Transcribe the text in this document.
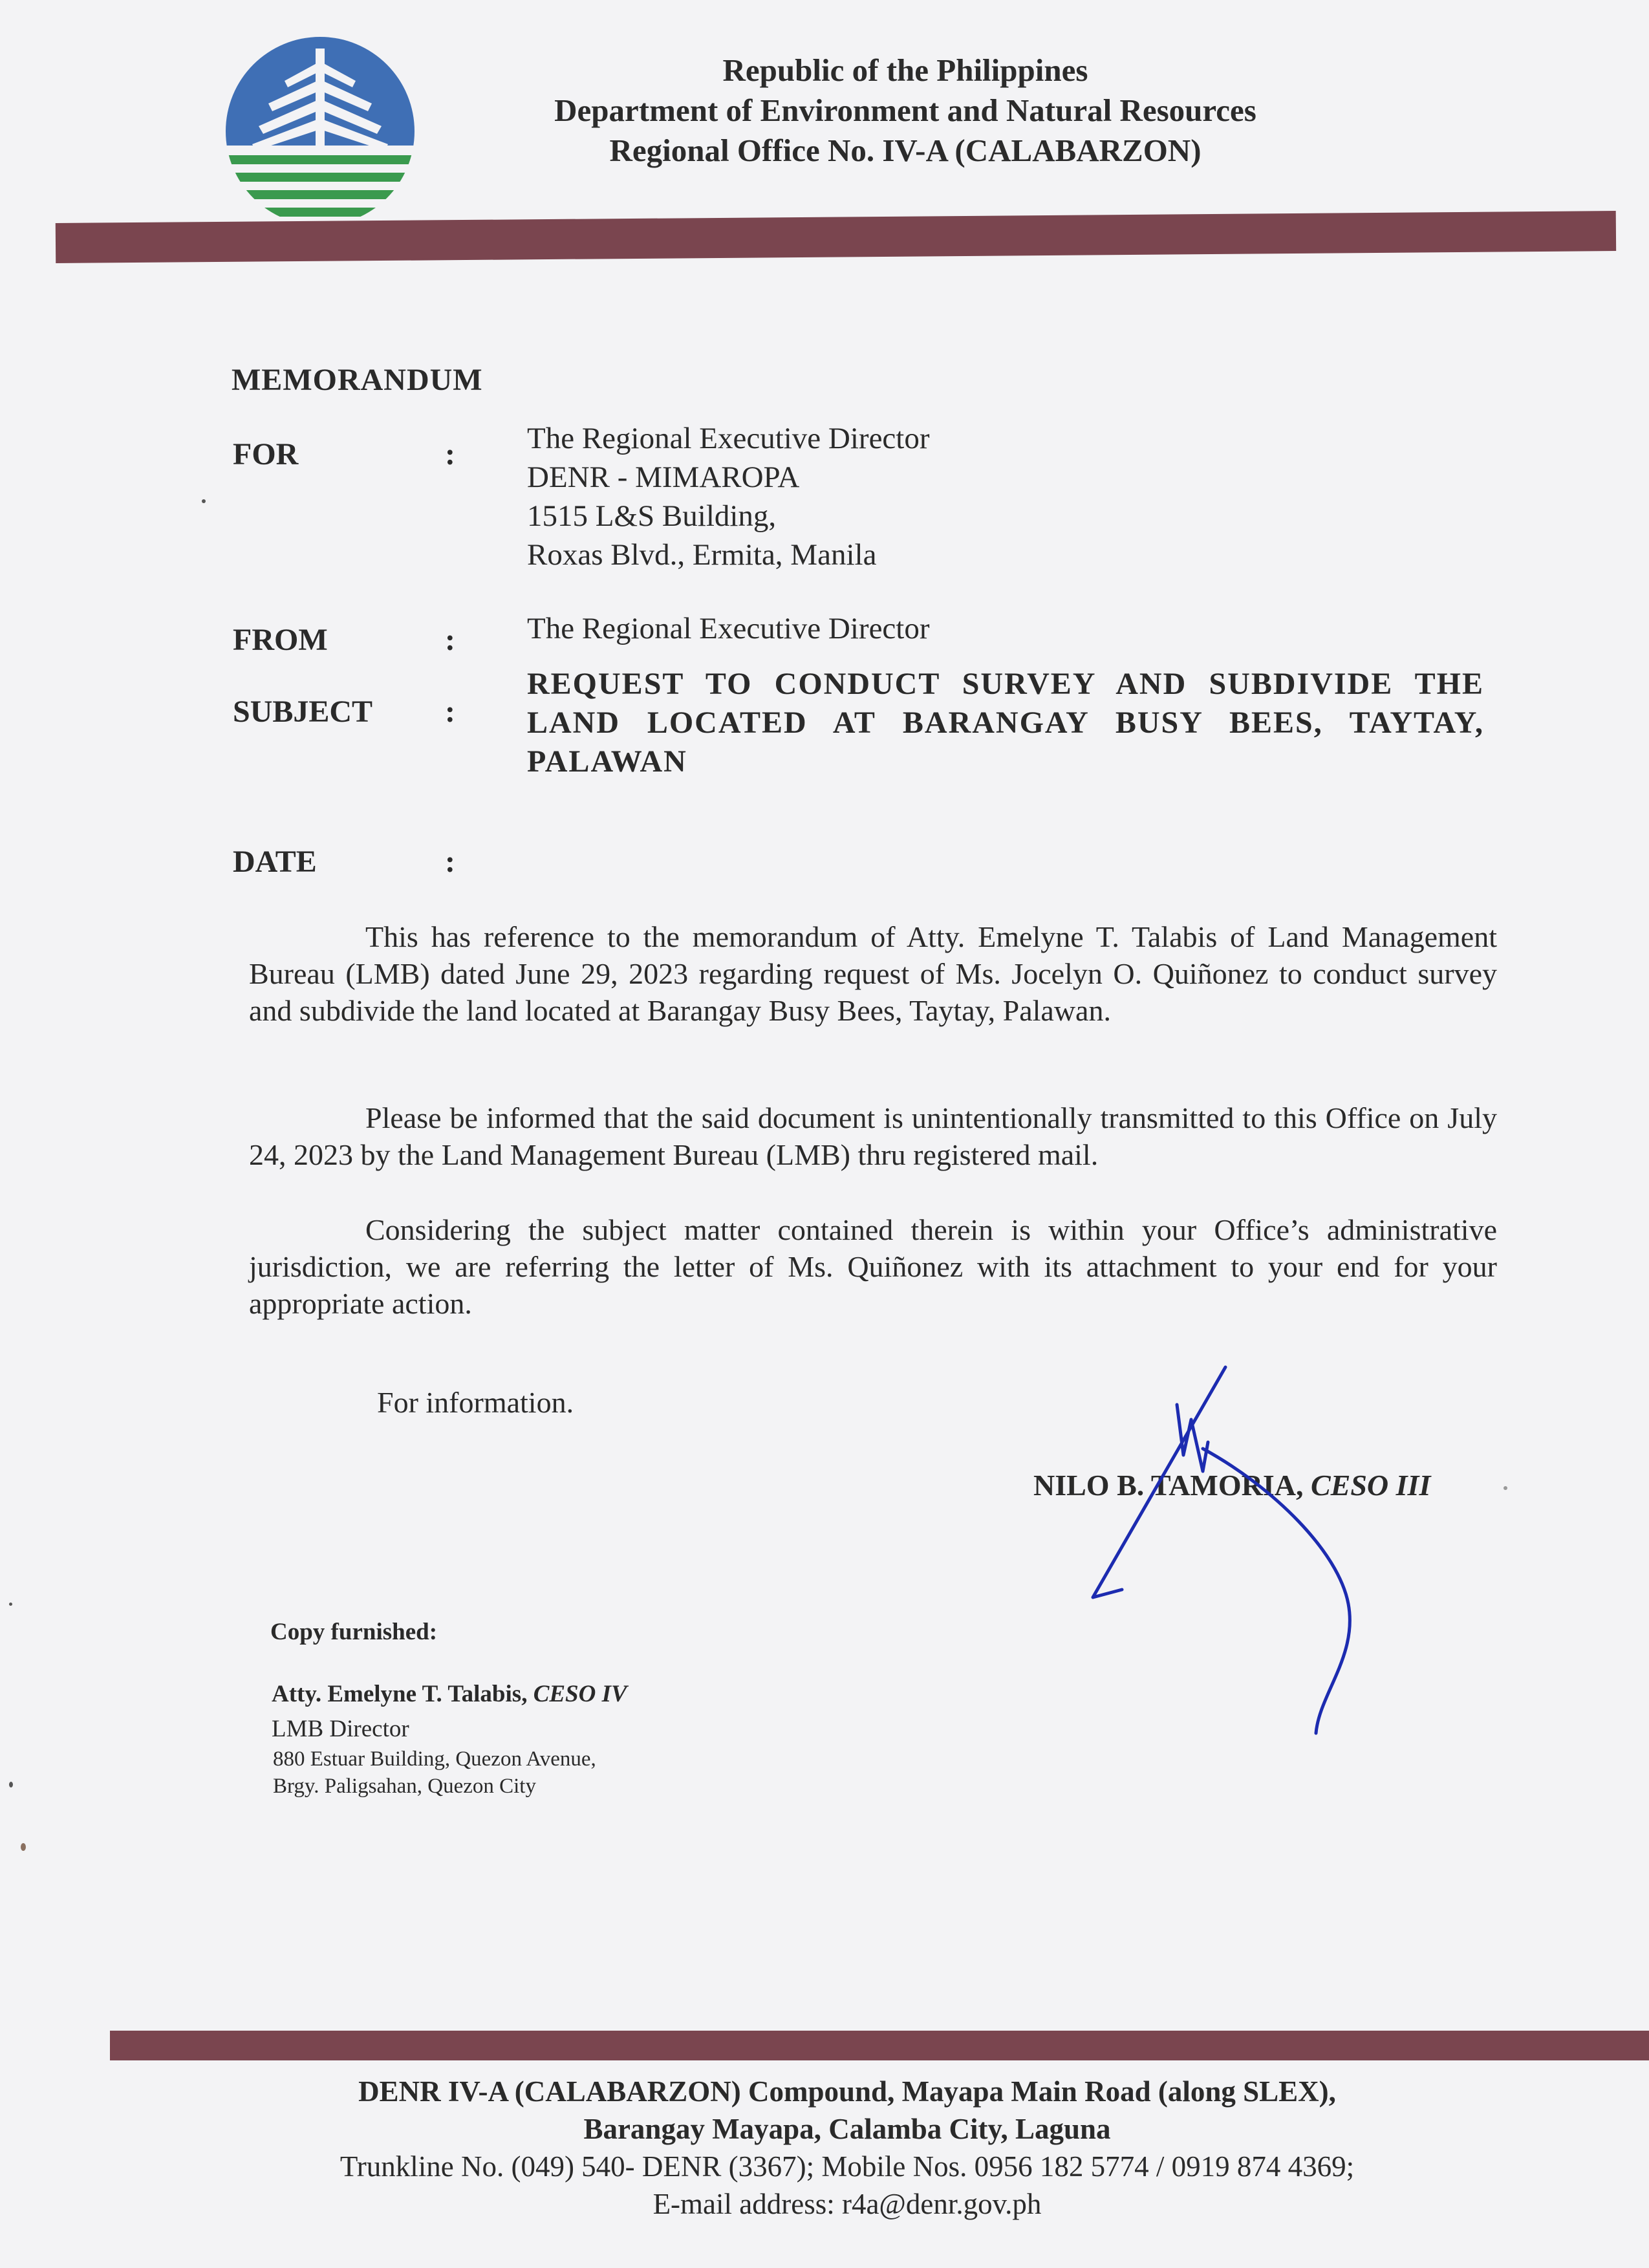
Republic of the Philippines
Department of Environment and Natural Resources
Regional Office No. IV-A (CALABARZON)
MEMORANDUM
FOR	: The Regional Executive Director
DENR - MIMAROPA
1515 L&S Building,
Roxas Blvd., Ermita, Manila
FROM	: The Regional Executive Director
SUBJECT :
REQUEST TO CONDUCT SURVEY AND SUBDIVIDE THE LAND LOCATED AT BARANGAY BUSY BEES, TAYTAY, PALAWAN
DATE	:
This has reference to the memorandum of Atty. Emelyne T. Talabis of Land Management Bureau (LMB) dated June 29, 2023 regarding request of Ms. Jocelyn O. Quiñonez to conduct survey and subdivide the land located at Barangay Busy Bees, Taytay, Palawan.
Please be informed that the said document is unintentionally transmitted to this Office on July 24, 2023 by the Land Management Bureau (LMB) thru registered mail.
Considering the subject matter contained therein is within your Office’s administrative jurisdiction, we are referring the letter of Ms. Quiñonez with its attachment to your end for your appropriate action.
For information.
NILO B. TAMORIA, CESO III
Copy furnished:
Atty. Emelyne T. Talabis, CESO IV
LMB Director
880 Estuar Building, Quezon Avenue,
Brgy. Paligsahan, Quezon City
DENR IV-A (CALABARZON) Compound, Mayapa Main Road (along SLEX),
Barangay Mayapa, Calamba City, Laguna
Trunkline No. (049) 540- DENR (3367); Mobile Nos. 0956 182 5774 / 0919 874 4369;
E-mail address: r4a@denr.gov.ph
